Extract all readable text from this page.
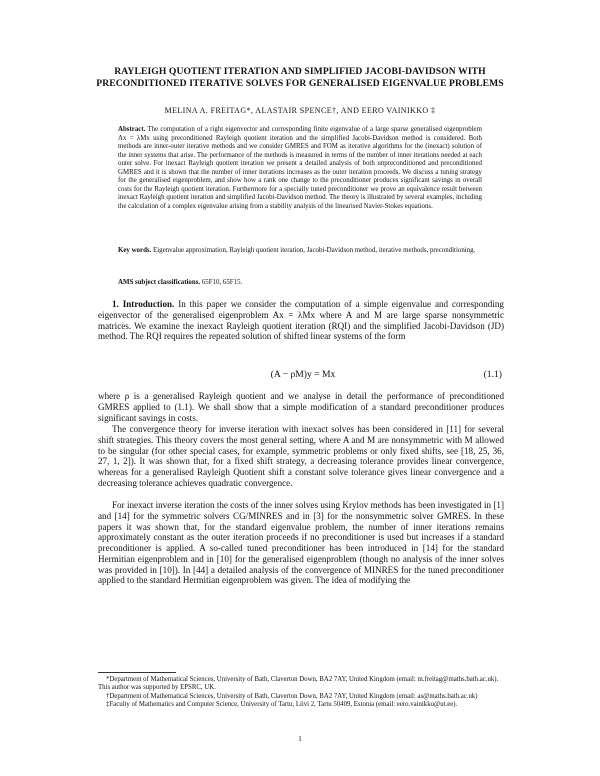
RAYLEIGH QUOTIENT ITERATION AND SIMPLIFIED JACOBI-DAVIDSON WITH PRECONDITIONED ITERATIVE SOLVES FOR GENERALISED EIGENVALUE PROBLEMS
MELINA A. FREITAG*, ALASTAIR SPENCE†, AND EERO VAINIKKO ‡
Abstract. The computation of a right eigenvector and corresponding finite eigenvalue of a large sparse generalised eigenproblem Ax = λMx using preconditioned Rayleigh quotient iteration and the simplified Jacobi-Davidson method is considered. Both methods are inner-outer iterative methods and we consider GMRES and FOM as iterative algorithms for the (inexact) solution of the inner systems that arise. The performance of the methods is measured in terms of the number of inner iterations needed at each outer solve. For inexact Rayleigh quotient iteration we present a detailed analysis of both unpreconditioned and preconditioned GMRES and it is shown that the number of inner iterations increases as the outer iteration proceeds. We discuss a tuning strategy for the generalised eigenproblem, and show how a rank one change to the preconditioner produces significant savings in overall costs for the Rayleigh quotient iteration. Furthermore for a specially tuned preconditioner we prove an equivalence result between inexact Rayleigh quotient iteration and simplified Jacobi-Davidson method. The theory is illustrated by several examples, including the calculation of a complex eigenvalue arising from a stability analysis of the linearised Navier-Stokes equations.
Key words. Eigenvalue approximation, Rayleigh quotient iteration, Jacobi-Davidson method, iterative methods, preconditioning.
AMS subject classifications. 65F10, 65F15.
1. Introduction. In this paper we consider the computation of a simple eigenvalue and corresponding eigenvector of the generalised eigenproblem Ax = λMx where A and M are large sparse nonsymmetric matrices. We examine the inexact Rayleigh quotient iteration (RQI) and the simplified Jacobi-Davidson (JD) method. The RQI requires the repeated solution of shifted linear systems of the form
(A − ρM)y = Mx	(1.1)
where ρ is a generalised Rayleigh quotient and we analyse in detail the performance of preconditioned GMRES applied to (1.1). We shall show that a simple modification of a standard preconditioner produces significant savings in costs.
The convergence theory for inverse iteration with inexact solves has been considered in [11] for several shift strategies. This theory covers the most general setting, where A and M are nonsymmetric with M allowed to be singular (for other special cases, for example, symmetric problems or only fixed shifts, see [18, 25, 36, 27, 1, 2]). It was shown that, for a fixed shift strategy, a decreasing tolerance provides linear convergence, whereas for a generalised Rayleigh Quotient shift a constant solve tolerance gives linear convergence and a decreasing tolerance achieves quadratic convergence.
For inexact inverse iteration the costs of the inner solves using Krylov methods has been investigated in [1] and [14] for the symmetric solvers CG/MINRES and in [3] for the nonsymmetric solver GMRES. In these papers it was shown that, for the standard eigenvalue problem, the number of inner iterations remains approximately constant as the outer iteration proceeds if no preconditioner is used but increases if a standard preconditioner is applied. A so-called tuned preconditioner has been introduced in [14] for the standard Hermitian eigenproblem and in [10] for the generalised eigenproblem (though no analysis of the inner solves was provided in [10]). In [44] a detailed analysis of the convergence of MINRES for the tuned preconditioner applied to the standard Hermitian eigenproblem was given. The idea of modifying the

*Department of Mathematical Sciences, University of Bath, Claverton Down, BA2 7AY, United Kingdom (email: m.freitag@maths.bath.ac.uk). This author was supported by EPSRC, UK.

†Department of Mathematical Sciences, University of Bath, Claverton Down, BA2 7AY, United Kingdom (email: as@maths.bath.ac.uk)

‡Faculty of Mathematics and Computer Science, University of Tartu, Liivi 2, Tartu 50409, Estonia (email: eero.vainikko@ut.ee).

1
